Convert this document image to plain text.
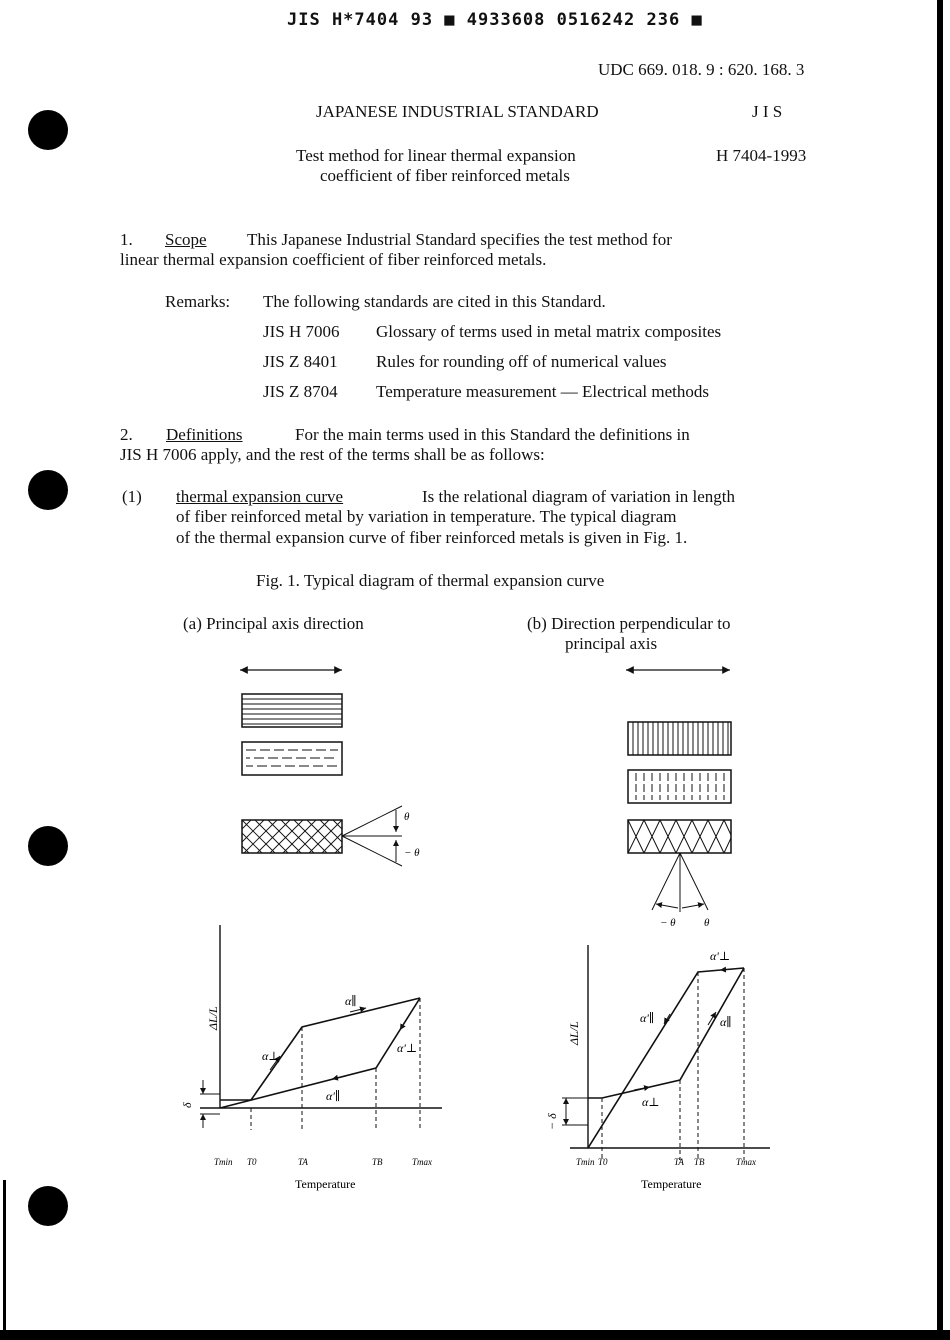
JIS H*7404 93 ■ 4933608 0516242 236 ■
UDC 669. 018. 9 : 620. 168. 3
JAPANESE INDUSTRIAL STANDARD	J I S
Test method for linear thermal expansion
coefficient of fiber reinforced metals
H 7404-1993
1. Scope This Japanese Industrial Standard specifies the test method for
linear thermal expansion coefficient of fiber reinforced metals.
Remarks: The following standards are cited in this Standard.
JIS H 7006 Glossary of terms used in metal matrix composites
JIS Z 8401 Rules for rounding off of numerical values
JIS Z 8704 Temperature measurement — Electrical methods
2. Definitions	For the main terms used in this Standard the definitions in
JIS H 7006 apply, and the rest of the terms shall be as follows:
(1) thermal expansion curve	Is the relational diagram of variation in length
of fiber reinforced metal by variation in temperature. The typical diagram
of the thermal expansion curve of fiber reinforced metals is given in Fig. 1.
Fig. 1. Typical diagram of thermal expansion curve
(a) Principal axis direction	(b) Direction perpendicular to
principal axis
θ
− θ
ΔL/L
δ
α∥
α⊥
α'⊥
α'∥
Tmin T0	TA	TB	Tmax
Temperature
− θ	θ
ΔL/L
− δ
α⊥
α∥
α'⊥
α'∥
Tmin T0	TA TB	Tmax
Temperature
